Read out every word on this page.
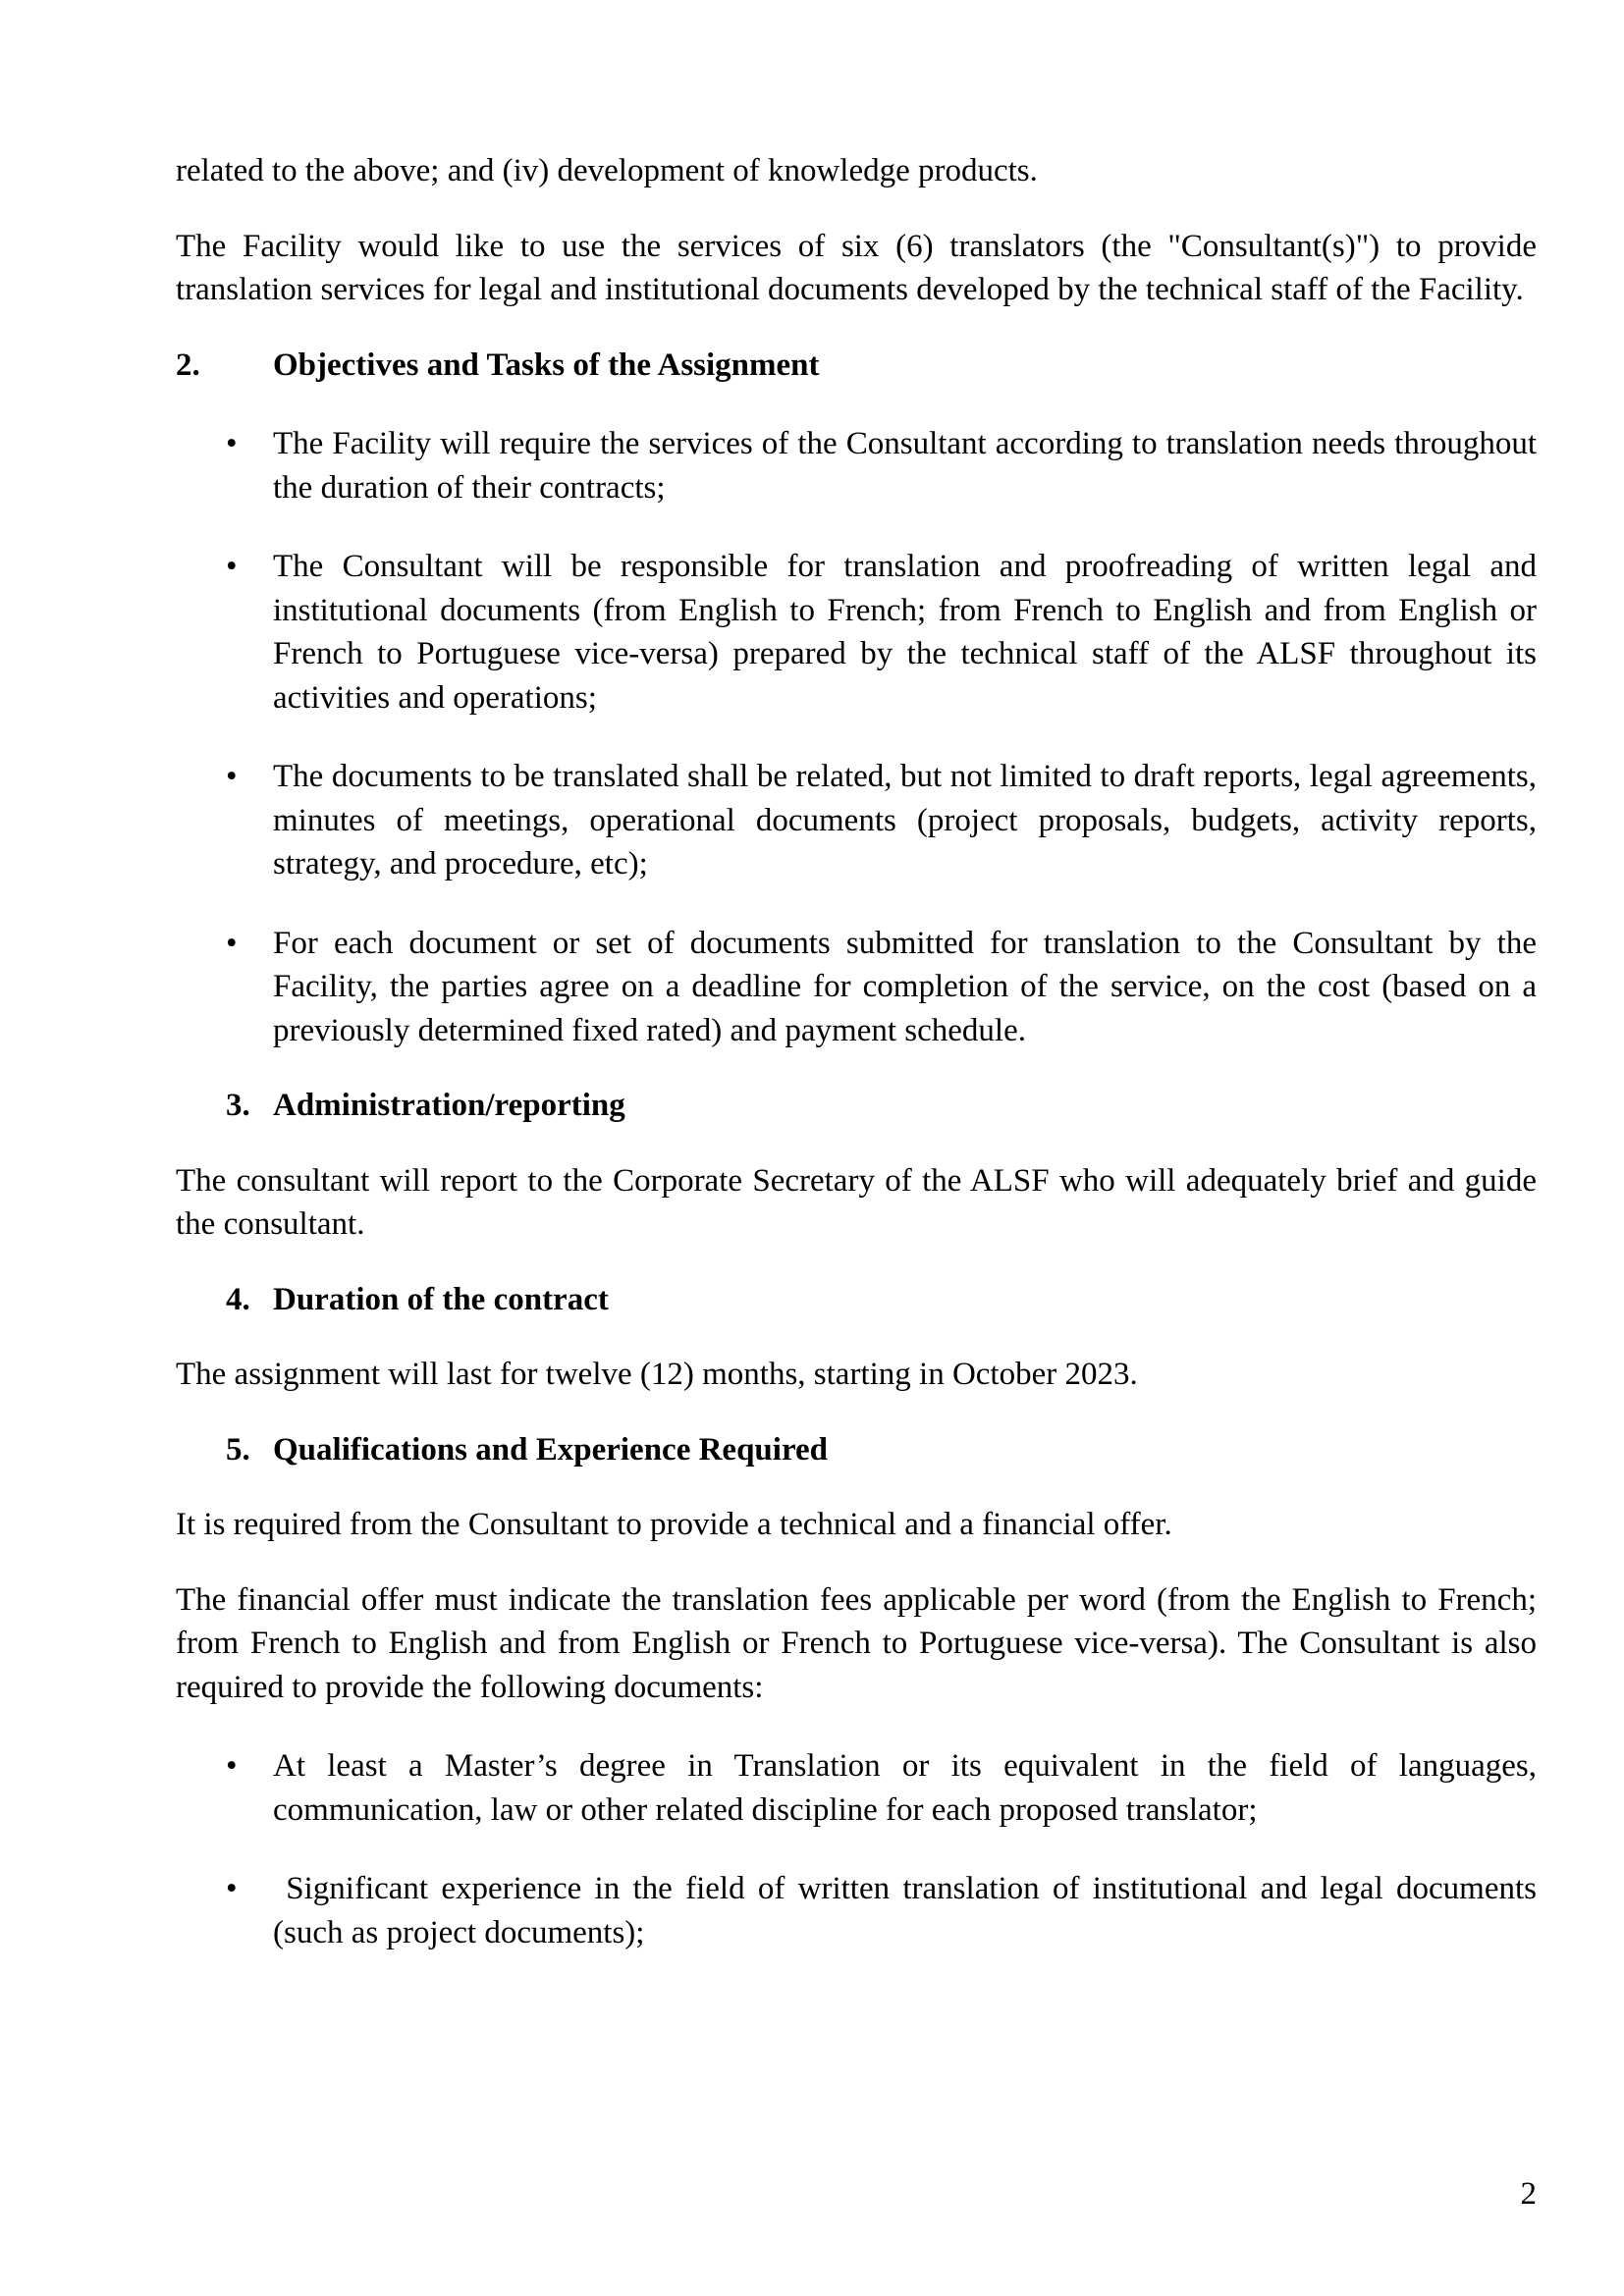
related to the above; and (iv) development of knowledge products.

The Facility would like to use the services of six (6) translators (the "Consultant(s)") to provide translation services for legal and institutional documents developed by the technical staff of the Facility.

2.	Objectives and Tasks of the Assignment
•	The Facility will require the services of the Consultant according to translation needs throughout the duration of their contracts;
•	The Consultant will be responsible for translation and proofreading of written legal and institutional documents (from English to French; from French to English and from English or French to Portuguese vice-versa) prepared by the technical staff of the ALSF throughout its activities and operations;
•	The documents to be translated shall be related, but not limited to draft reports, legal agreements, minutes of meetings, operational documents (project proposals, budgets, activity reports, strategy, and procedure, etc);
•	For each document or set of documents submitted for translation to the Consultant by the Facility, the parties agree on a deadline for completion of the service, on the cost (based on a previously determined fixed rated) and payment schedule.
3. Administration/reporting

The consultant will report to the Corporate Secretary of the ALSF who will adequately brief and guide the consultant.

4. Duration of the contract

The assignment will last for twelve (12) months, starting in October 2023.

5. Qualifications and Experience Required

It is required from the Consultant to provide a technical and a financial offer.

The financial offer must indicate the translation fees applicable per word (from the English to French; from French to English and from English or French to Portuguese vice-versa). The Consultant is also required to provide the following documents:

•	At least a Master’s degree in Translation or its equivalent in the field of languages, communication, law or other related discipline for each proposed translator;
•	Significant experience in the field of written translation of institutional and legal documents (such as project documents);
2
